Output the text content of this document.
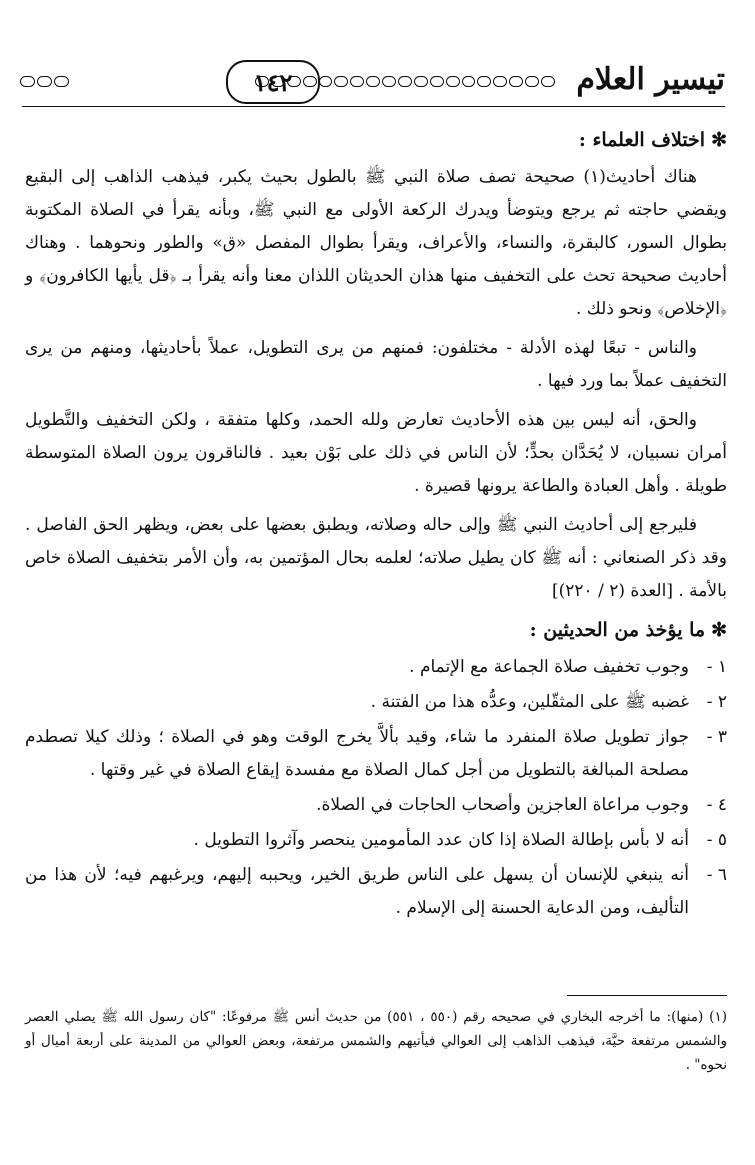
تيسير العلام
١٤٢
✻اختلاف العلماء :

هناك أحاديث(١) صحيحة تصف صلاة النبي ﷺ بالطول بحيث يكبر، فيذهب الذاهب إلى البقيع ويقضي حاجته ثم يرجع ويتوضأ ويدرك الركعة الأولى مع النبي ﷺ، وبأنه يقرأ في الصلاة المكتوبة بطوال السور، كالبقرة، والنساء، والأعراف، ويقرأ بطوال المفصل «ق» والطور ونحوهما . وهناك أحاديث صحيحة تحث على التخفيف منها هذان الحديثان اللذان معنا وأنه يقرأ بـ ﴿قل يأيها الكافرون﴾ و ﴿الإخلاص﴾ ونحو ذلك .

والناس - تبعًا لهذه الأدلة - مختلفون: فمنهم من يرى التطويل، عملاً بأحاديثها، ومنهم من يرى التخفيف عملاً بما ورد فيها .

والحق، أنه ليس بين هذه الأحاديث تعارض ولله الحمد، وكلها متفقة ، ولكن التخفيف والتَّطويل أمران نسبيان، لا يُحَدَّان بحدٍّ؛ لأن الناس في ذلك على بَوْن بعيد . فالناقرون يرون الصلاة المتوسطة طويلة . وأهل العبادة والطاعة يرونها قصيرة .

فليرجع إلى أحاديث النبي ﷺ وإلى حاله وصلاته، ويطبق بعضها على بعض، ويظهر الحق الفاصل . وقد ذكر الصنعاني : أنه ﷺ كان يطيل صلاته؛ لعلمه بحال المؤتمين به، وأن الأمر بتخفيف الصلاة خاص بالأمة . [العدة (٢ / ٢٢٠)]

✻ما يؤخذ من الحديثين :
١ -وجوب تخفيف صلاة الجماعة مع الإتمام .
٢ -غضبه ﷺ على المثقّلين، وعدُّه هذا من الفتنة .
٣ -جواز تطويل صلاة المنفرد ما شاء، وقيد بألاَّ يخرج الوقت وهو في الصلاة ؛ وذلك كيلا تصطدم مصلحة المبالغة بالتطويل من أجل كمال الصلاة مع مفسدة إيقاع الصلاة في غير وقتها .
٤ -وجوب مراعاة العاجزين وأصحاب الحاجات في الصلاة.
٥ -أنه لا بأس بإطالة الصلاة إذا كان عدد المأمومين ينحصر وآثروا التطويل .
٦ -أنه ينبغي للإنسان أن يسهل على الناس طريق الخير، ويحببه إليهم، ويرغبهم فيه؛ لأن هذا من التأليف، ومن الدعاية الحسنة إلى الإسلام .

(١) (منها): ما أخرجه البخاري في صحيحه رقم (٥٥٠ ، ٥٥١) من حديث أنس ﷺ مرفوعًا: "كان رسول الله ﷺ يصلي العصر والشمس مرتفعة حيَّة، فيذهب الذاهب إلى العوالي فيأتيهم والشمس مرتفعة، وبعض العوالي من المدينة على أربعة أميال أو نحوه" .
